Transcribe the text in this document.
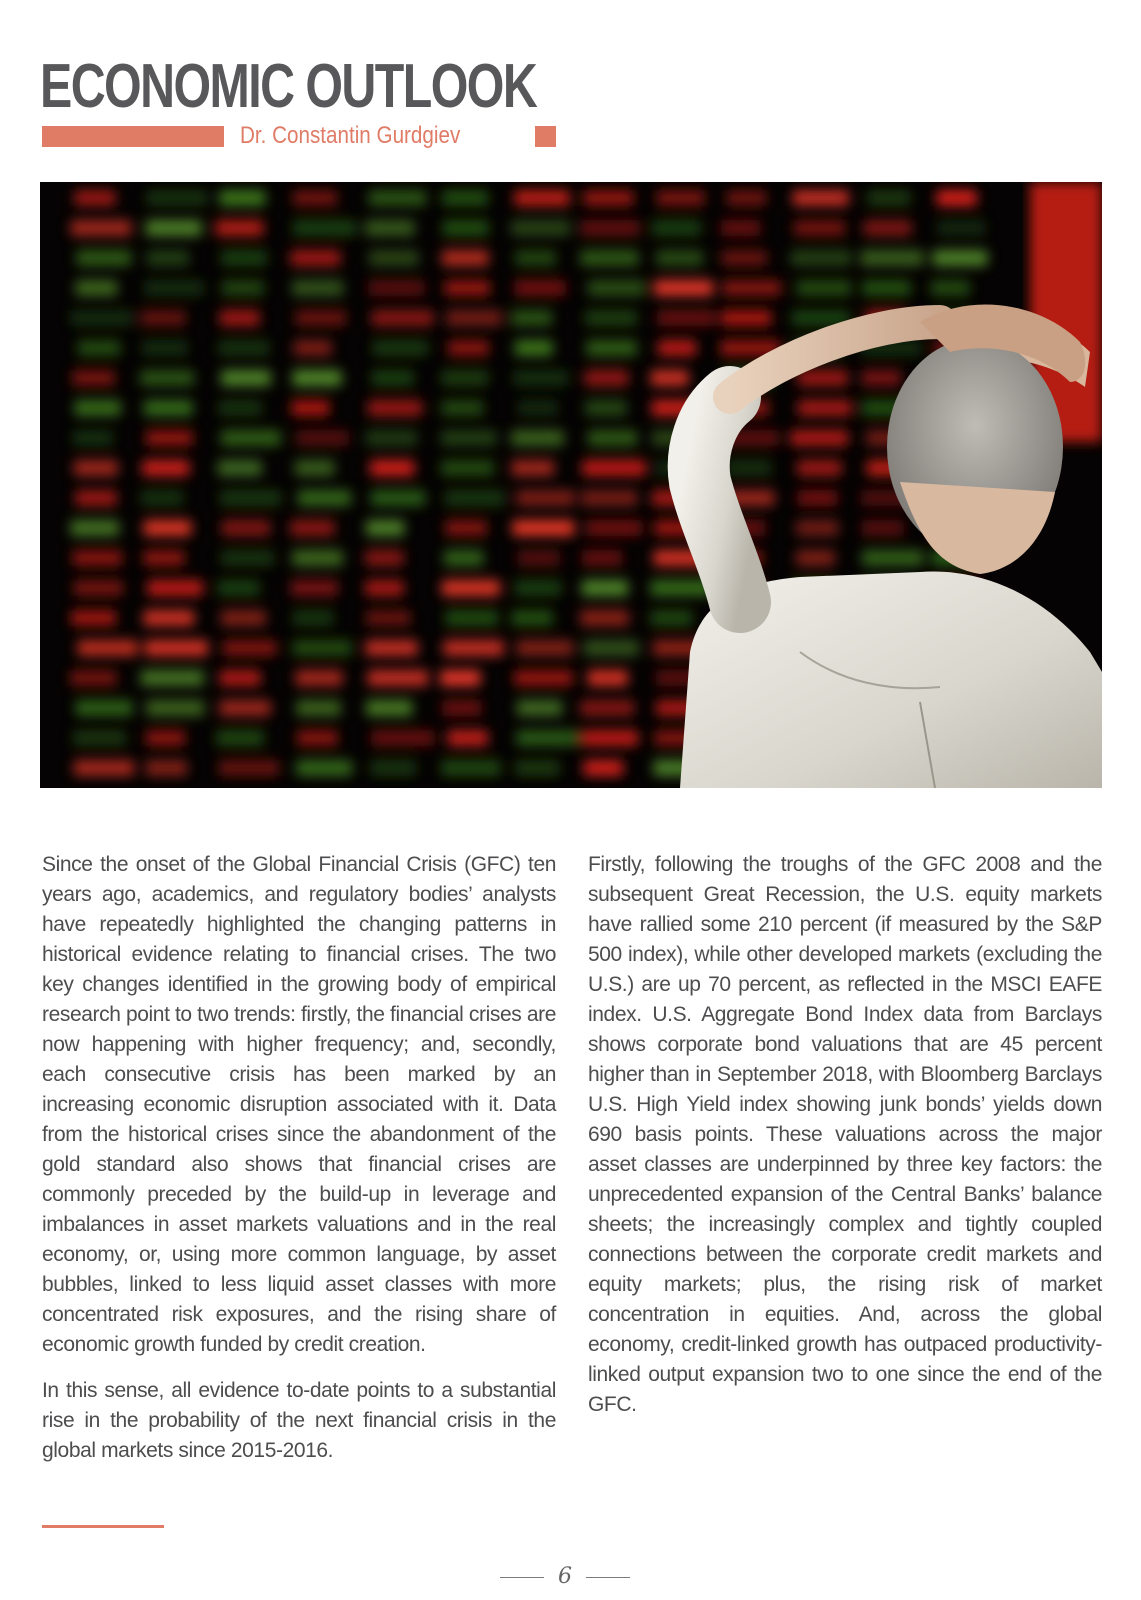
ECONOMIC OUTLOOK
Dr. Constantin Gurdgiev

Since the onset of the Global Financial Crisis (GFC) ten years ago, academics, and regulatory bodies’ analysts have repeatedly highlighted the changing patterns in historical evidence relating to financial crises. The two key changes identified in the growing body of empirical research point to two trends: firstly, the financial crises are now happening with higher frequency; and, secondly, each consecutive crisis has been marked by an increasing economic disruption associated with it. Data from the historical crises since the abandonment of the gold standard also shows that financial crises are commonly preceded by the build-up in leverage and imbalances in asset markets valuations and in the real economy, or, using more common language, by asset bubbles, linked to less liquid asset classes with more concentrated risk exposures, and the rising share of economic growth funded by credit creation.

In this sense, all evidence to-date points to a substantial rise in the probability of the next financial crisis in the global markets since 2015-2016.

Firstly, following the troughs of the GFC 2008 and the subsequent Great Recession, the U.S. equity markets have rallied some 210 percent (if measured by the S&P 500 index), while other developed markets (excluding the U.S.) are up 70 percent, as reflected in the MSCI EAFE index. U.S. Aggregate Bond Index data from Barclays shows corporate bond valuations that are 45 percent higher than in September 2018, with Bloomberg Barclays U.S. High Yield index showing junk bonds’ yields down 690 basis points. These valuations across the major asset classes are underpinned by three key factors: the unprecedented expansion of the Central Banks’ balance sheets; the increasingly complex and tightly coupled connections between the corporate credit markets and equity markets; plus, the rising risk of market concentration in equities. And, across the global economy, credit-linked growth has outpaced productivity-linked output expansion two to one since the end of the GFC.

6
